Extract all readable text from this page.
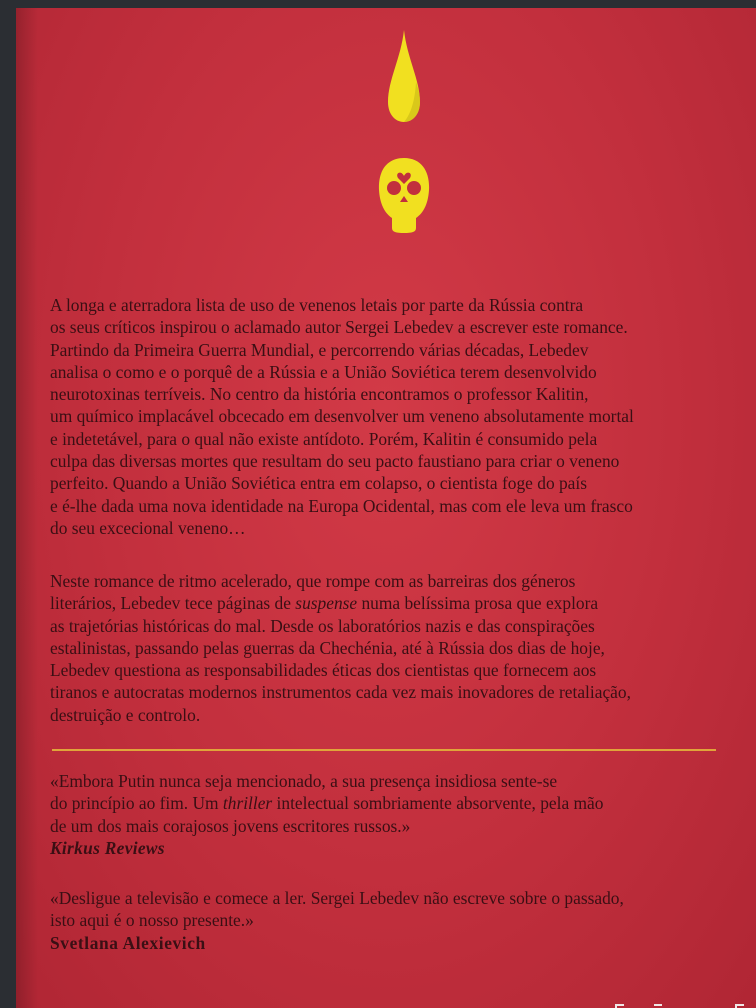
A longa e aterradora lista de uso de venenos letais por parte da Rússia contra

os seus críticos inspirou o aclamado autor Sergei Lebedev a escrever este romance.

Partindo da Primeira Guerra Mundial, e percorrendo várias décadas, Lebedev

analisa o como e o porquê de a Rússia e a União Soviética terem desenvolvido

neurotoxinas terríveis. No centro da história encontramos o professor Kalitin,

um químico implacável obcecado em desenvolver um veneno absolutamente mortal

e indetetável, para o qual não existe antídoto. Porém, Kalitin é consumido pela

culpa das diversas mortes que resultam do seu pacto faustiano para criar o veneno

perfeito. Quando a União Soviética entra em colapso, o cientista foge do país

e é-lhe dada uma nova identidade na Europa Ocidental, mas com ele leva um frasco

do seu excecional veneno…

Neste romance de ritmo acelerado, que rompe com as barreiras dos géneros

literários, Lebedev tece páginas de suspense numa belíssima prosa que explora

as trajetórias históricas do mal. Desde os laboratórios nazis e das conspirações

estalinistas, passando pelas guerras da Chechénia, até à Rússia dos dias de hoje,

Lebedev questiona as responsabilidades éticas dos cientistas que fornecem aos

tiranos e autocratas modernos instrumentos cada vez mais inovadores de retaliação,

destruição e controlo.

«Embora Putin nunca seja mencionado, a sua presença insidiosa sente-se

do princípio ao fim. Um thriller intelectual sombriamente absorvente, pela mão

de um dos mais corajosos jovens escritores russos.»

Kirkus Reviews

«Desligue a televisão e comece a ler. Sergei Lebedev não escreve sobre o passado,

isto aqui é o nosso presente.»

Svetlana Alexievich
